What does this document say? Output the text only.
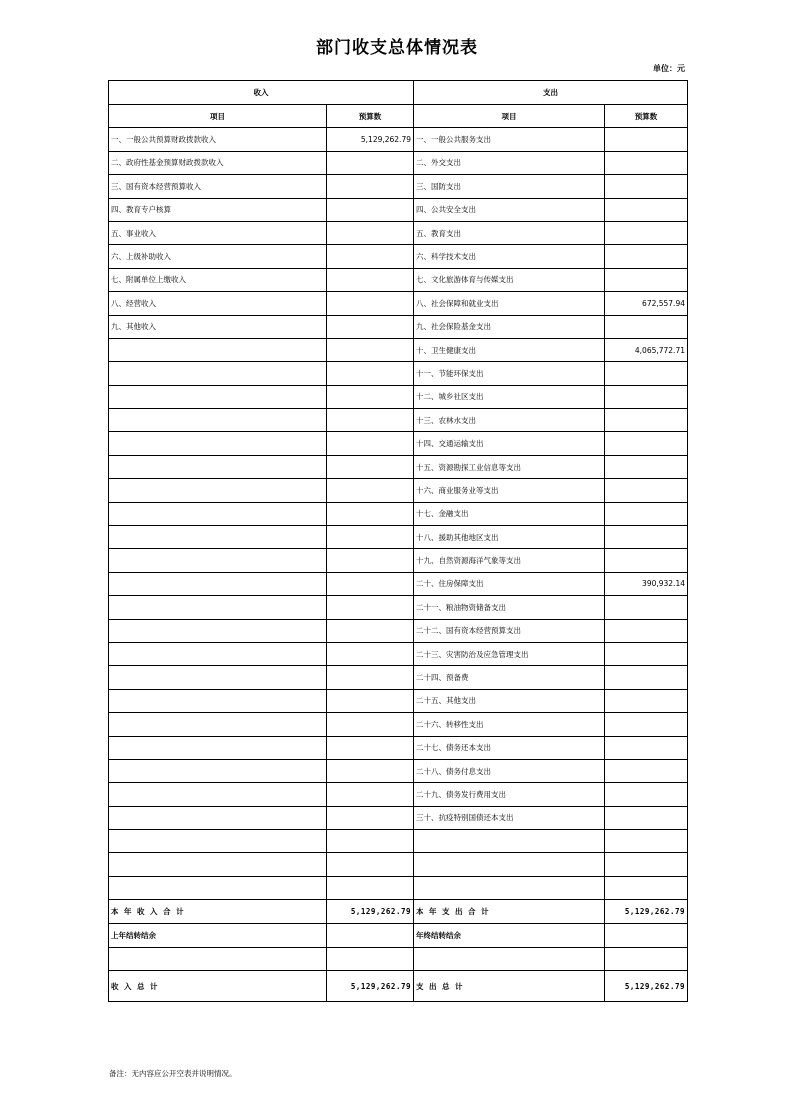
部门收支总体情况表
单位：元
收入		支出	
项目	预算数	项目	预算数
一、一般公共预算财政拨款收入	5,129,262.79	一、一般公共服务支出	
二、政府性基金预算财政拨款收入		二、外交支出	
三、国有资本经营预算收入		三、国防支出	
四、教育专户核算		四、公共安全支出	
五、事业收入		五、教育支出	
六、上级补助收入		六、科学技术支出	
七、附属单位上缴收入		七、文化旅游体育与传媒支出	
八、经营收入		八、社会保障和就业支出	672,557.94
九、其他收入		九、社会保险基金支出	
		十、卫生健康支出	4,065,772.71
		十一、节能环保支出	
		十二、城乡社区支出	
		十三、农林水支出	
		十四、交通运输支出	
		十五、资源勘探工业信息等支出	
		十六、商业服务业等支出	
		十七、金融支出	
		十八、援助其他地区支出	
		十九、自然资源海洋气象等支出	
		二十、住房保障支出	390,932.14
		二十一、粮油物资储备支出	
		二十二、国有资本经营预算支出	
		二十三、灾害防治及应急管理支出	
		二十四、预备费	
		二十五、其他支出	
		二十六、转移性支出	
		二十七、债务还本支出	
		二十八、债务付息支出	
		二十九、债务发行费用支出	
		三十、抗疫特别国债还本支出	

本 年 收 入 合 计	5,129,262.79	本 年 支 出 合 计	5,129,262.79
上年结转结余		年终结转结余	

收 入 总 计	5,129,262.79	支 出 总 计	5,129,262.79
备注：无内容应公开空表并说明情况。
